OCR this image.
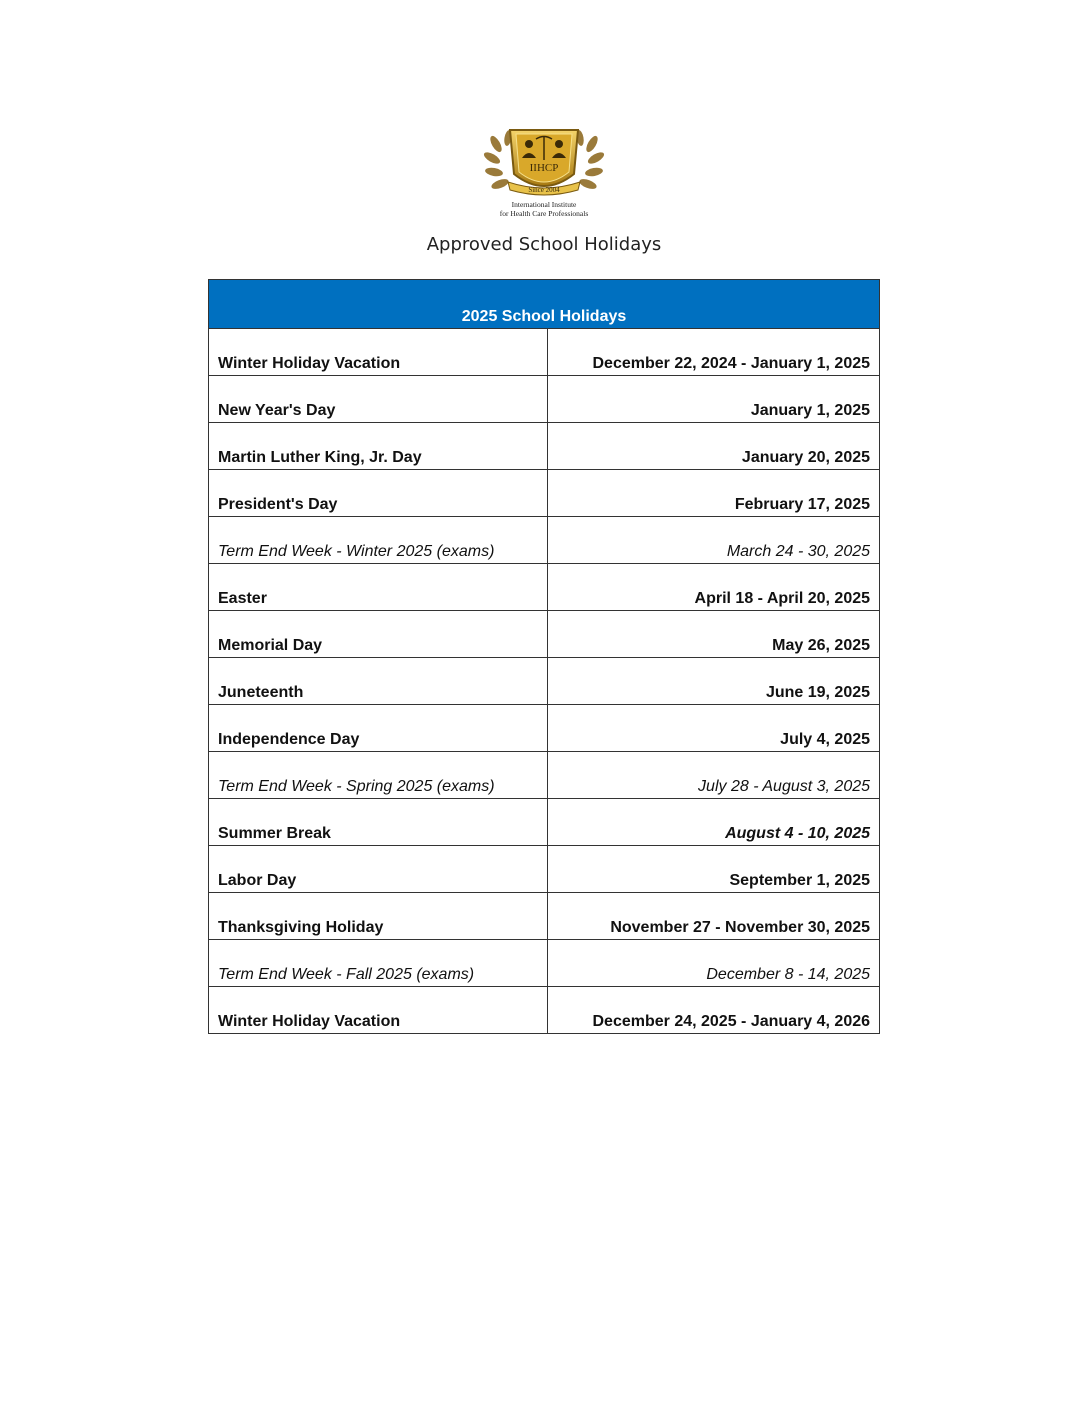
IIHCP
Since 2004
International Institute
for Health Care Professionals
Approved School Holidays
2025 School Holidays	
Winter Holiday Vacation	December 22, 2024 - January 1, 2025
New Year's Day	January 1, 2025
Martin Luther King, Jr. Day	January 20, 2025
President's Day	February 17, 2025
Term End Week - Winter 2025 (exams)	March 24 - 30, 2025
Easter	April 18 - April 20, 2025
Memorial Day	May 26, 2025
Juneteenth	June 19, 2025
Independence Day	July 4, 2025
Term End Week - Spring 2025 (exams)	July 28 - August 3, 2025
Summer Break	August 4 - 10, 2025
Labor Day	September 1, 2025
Thanksgiving Holiday	November 27 - November 30, 2025
Term End Week - Fall 2025 (exams)	December 8 - 14, 2025
Winter Holiday Vacation	December 24, 2025 - January 4, 2026
